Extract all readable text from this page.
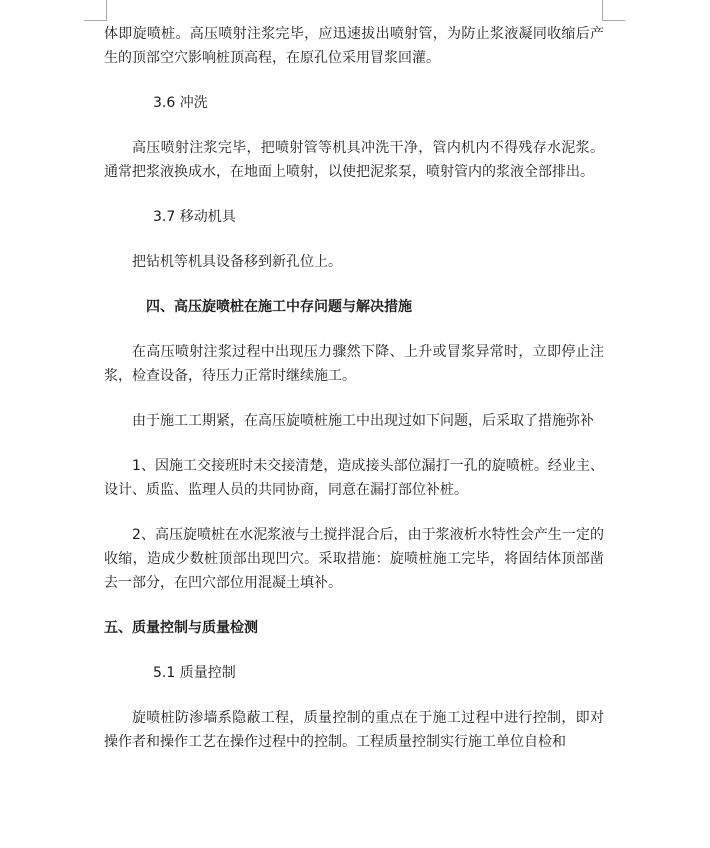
体即旋喷桩。高压喷射注浆完毕，应迅速拔出喷射管，为防止浆液凝同收缩后产生的顶部空穴影响桩顶高程，在原孔位采用冒浆回灌。

3.6 冲洗

高压喷射注浆完毕，把喷射管等机具冲洗干净，管内机内不得残存水泥浆。通常把浆液换成水，在地面上喷射，以使把泥浆泵，喷射管内的浆液全部排出。

3.7 移动机具

把钻机等机具设备移到新孔位上。

四、高压旋喷桩在施工中存问题与解决措施

在高压喷射注浆过程中出现压力骤然下降、上升或冒浆异常时，立即停止注浆，检查设备，待压力正常时继续施工。

由于施工工期紧，在高压旋喷桩施工中出现过如下问题，后采取了措施弥补

1、因施工交接班时未交接清楚，造成接头部位漏打一孔的旋喷桩。经业主、设计、质监、监理人员的共同协商，同意在漏打部位补桩。

2、高压旋喷桩在水泥浆液与土搅拌混合后，由于浆液析水特性会产生一定的收缩，造成少数桩顶部出现凹穴。采取措施：旋喷桩施工完毕，将固结体顶部凿去一部分，在凹穴部位用混凝土填补。

五、质量控制与质量检测

5.1 质量控制

旋喷桩防渗墙系隐蔽工程，质量控制的重点在于施工过程中进行控制，即对操作者和操作工艺在操作过程中的控制。工程质量控制实行施工单位自检和
